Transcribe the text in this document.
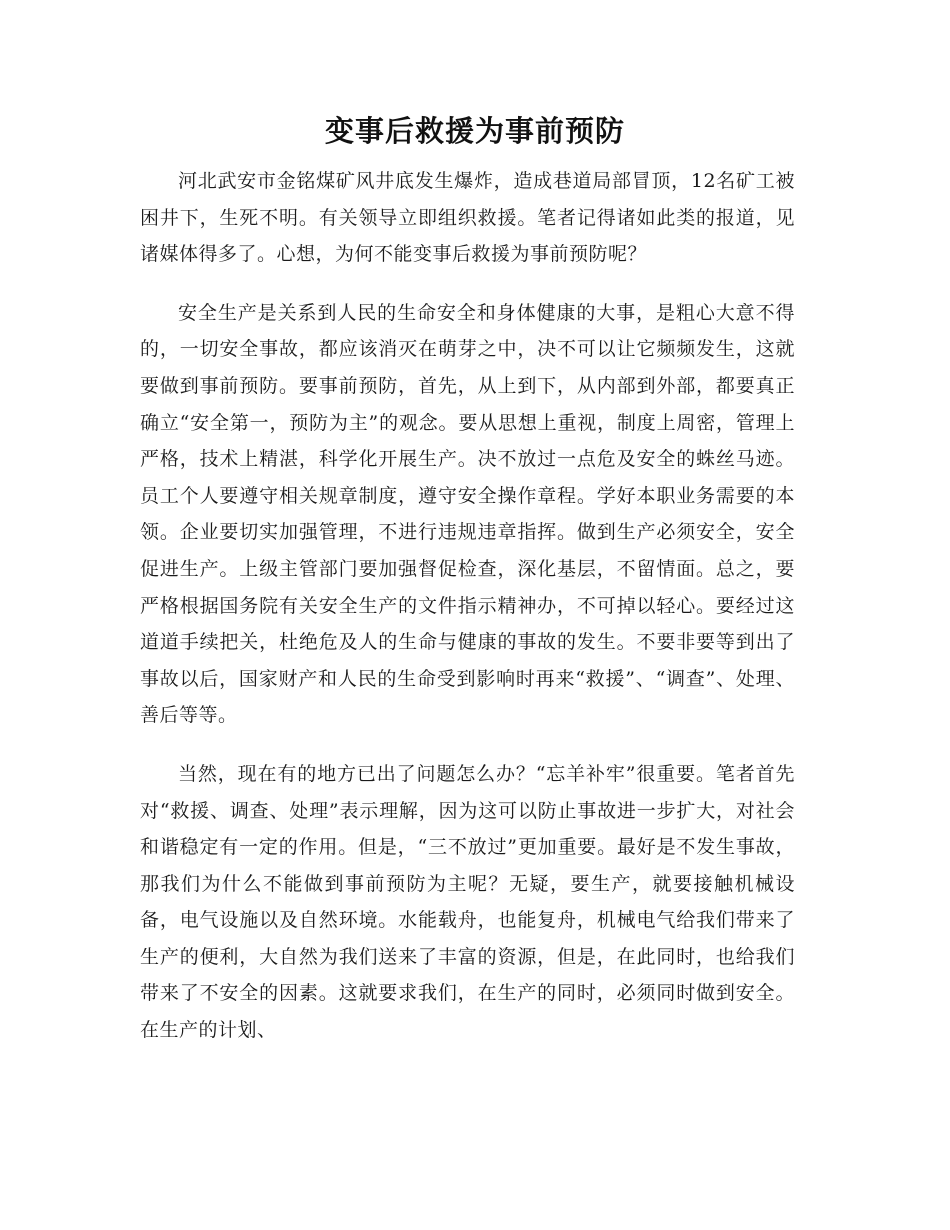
变事后救援为事前预防

河北武安市金铭煤矿风井底发生爆炸，造成巷道局部冒顶，12名矿工被困井下，生死不明。有关领导立即组织救援。笔者记得诸如此类的报道，见诸媒体得多了。心想，为何不能变事后救援为事前预防呢？

安全生产是关系到人民的生命安全和身体健康的大事，是粗心大意不得的，一切安全事故，都应该消灭在萌芽之中，决不可以让它频频发生，这就要做到事前预防。要事前预防，首先，从上到下，从内部到外部，都要真正确立“安全第一，预防为主”的观念。要从思想上重视，制度上周密，管理上严格，技术上精湛，科学化开展生产。决不放过一点危及安全的蛛丝马迹。员工个人要遵守相关规章制度，遵守安全操作章程。学好本职业务需要的本领。企业要切实加强管理，不进行违规违章指挥。做到生产必须安全，安全促进生产。上级主管部门要加强督促检查，深化基层，不留情面。总之，要严格根据国务院有关安全生产的文件指示精神办，不可掉以轻心。要经过这道道手续把关，杜绝危及人的生命与健康的事故的发生。不要非要等到出了事故以后，国家财产和人民的生命受到影响时再来“救援”、“调查”、处理、善后等等。

当然，现在有的地方已出了问题怎么办？“忘羊补牢”很重要。笔者首先对“救援、调查、处理”表示理解，因为这可以防止事故进一步扩大，对社会和谐稳定有一定的作用。但是，“三不放过”更加重要。最好是不发生事故，那我们为什么不能做到事前预防为主呢？无疑，要生产，就要接触机械设备，电气设施以及自然环境。水能载舟，也能复舟，机械电气给我们带来了生产的便利，大自然为我们送来了丰富的资源，但是，在此同时，也给我们带来了不安全的因素。这就要求我们，在生产的同时，必须同时做到安全。在生产的计划、
